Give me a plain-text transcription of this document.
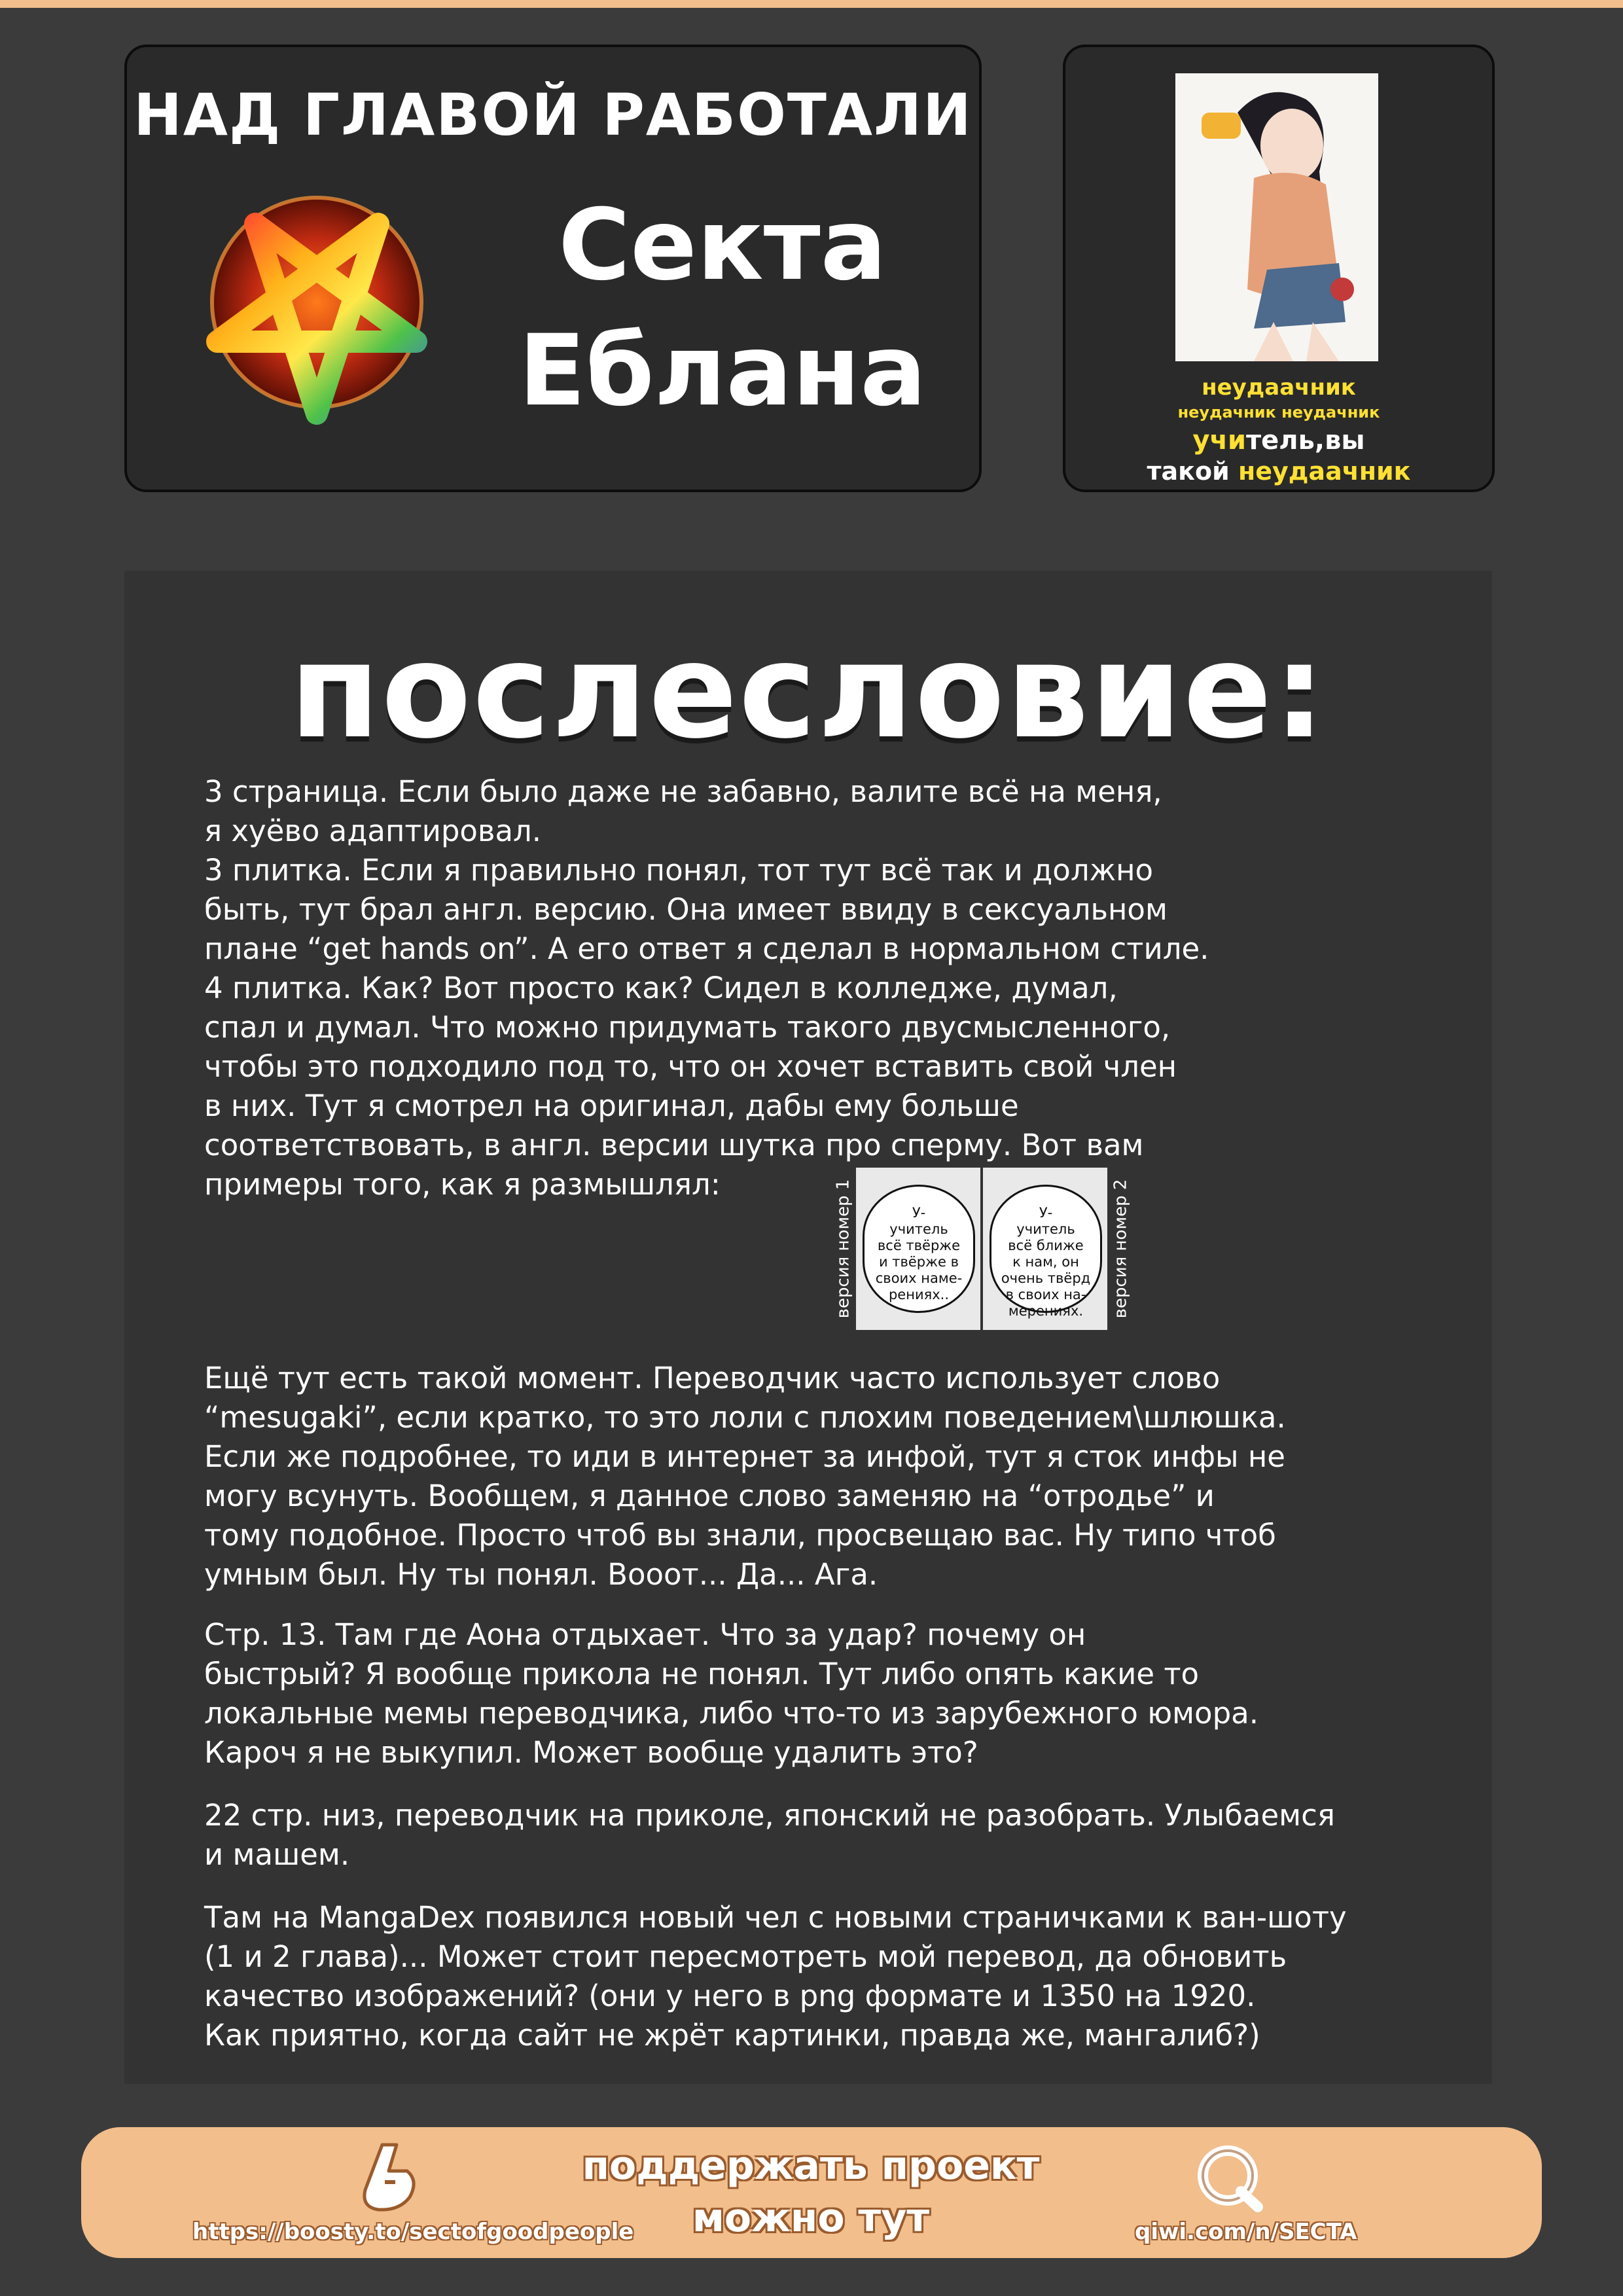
НАД ГЛАВОЙ РАБОТАЛИ
Секта
Еблана	неудаачник
неудачник неудачник
учитель,вы
такой неудаачник
послесловие:

3 страница. Если было даже не забавно, валите всё на меня,
я хуёво адаптировал.
3 плитка. Если я правильно понял, тот тут всё так и должно
быть, тут брал англ. версию. Она имеет ввиду в сексуальном
плане “get hands on”. А его ответ я сделал в нормальном стиле.
4 плитка. Как? Вот просто как? Сидел в колледже, думал,
спал и думал. Что можно придумать такого двусмысленного,
чтобы это подходило под то, что он хочет вставить свой член
в них. Тут я смотрел на оригинал, дабы ему больше
соответствовать, в англ. версии шутка про сперму. Вот вам
примеры того, как я размышлял:	версия номер 1	У-
учитель
всё твёрже
и твёрже в
своих наме-
рениях..
У-
учитель
всё ближе
к нам, он
очень твёрд
в своих на-
мерениях.	версия номер 2

Ещё тут есть такой момент. Переводчик часто использует слово
“mesugaki”, если кратко, то это лоли с плохим поведением\шлюшка.
Если же подробнее, то иди в интернет за инфой, тут я сток инфы не
могу всунуть. Вообщем, я данное слово заменяю на “отродье” и
тому подобное. Просто чтоб вы знали, просвещаю вас. Ну типо чтоб
умным был. Ну ты понял. Вooот... Да... Ага.

Стр. 13. Там где Аона отдыхает. Что за удар? почему он
быстрый? Я вообще прикола не понял. Тут либо опять какие то
локальные мемы переводчика, либо что-то из зарубежного юмора.
Кароч я не выкупил. Может вообще удалить это?

22 стр. низ, переводчик на приколе, японский не разобрать. Улыбаемся
и машем.

Там на MangaDex появился новый чел с новыми страничками к ван-шоту
(1 и 2 глава)... Может стоит пересмотреть мой перевод, да обновить
качество изображений? (они у него в png формате и 1350 на 1920.
Как приятно, когда сайт не жрёт картинки, правда же, мангалиб?)

https://boosty.to/sectofgoodpeople
поддержать проект
можно тут	qiwi.com/n/SECTA
